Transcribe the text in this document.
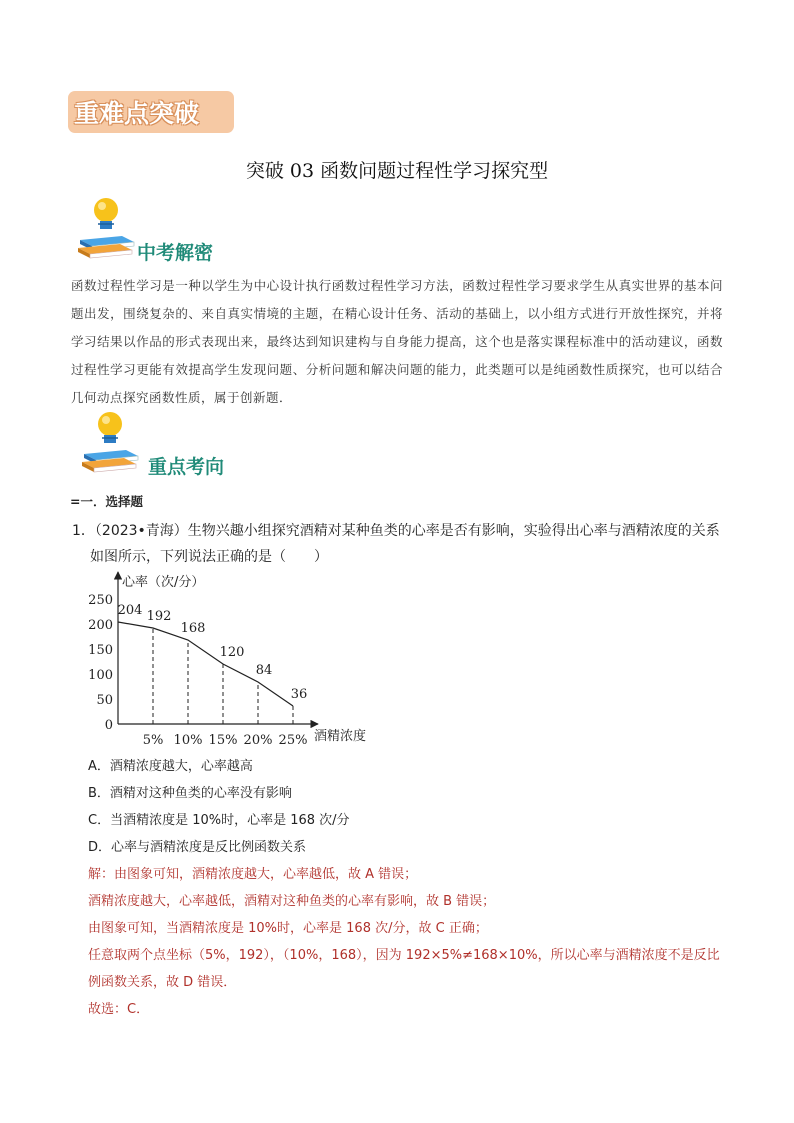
重难点突破
突破 03 函数问题过程性学习探究型
中考解密
函数过程性学习是一种以学生为中心设计执行函数过程性学习方法，函数过程性学习要求学生从真实世界的基本问题出发，围绕复杂的、来自真实情境的主题，在精心设计任务、活动的基础上，以小组方式进行开放性探究，并将学习结果以作品的形式表现出来，最终达到知识建构与自身能力提高，这个也是落实课程标准中的活动建议，函数过程性学习更能有效提高学生发现问题、分析问题和解决问题的能力，此类题可以是纯函数性质探究，也可以结合几何动点探究函数性质，属于创新题．
重点考向
=一．选择题
1．（2023•青海）生物兴趣小组探究酒精对某种鱼类的心率是否有影响，实验得出心率与酒精浓度的关系如图所示，下列说法正确的是（　　）
心率（次/分）
酒精浓度
0
50
100
150
200
250
5% 10% 15% 20% 25%
204 192
168
120
84
36
A．酒精浓度越大，心率越高
B．酒精对这种鱼类的心率没有影响
C．当酒精浓度是 10%时，心率是 168 次/分
D．心率与酒精浓度是反比例函数关系
解：由图象可知，酒精浓度越大，心率越低，故 A 错误；
酒精浓度越大，心率越低，酒精对这种鱼类的心率有影响，故 B 错误；
由图象可知，当酒精浓度是 10%时，心率是 168 次/分，故 C 正确；
任意取两个点坐标（5%，192），（10%，168），因为 192×5%≠168×10%，所以心率与酒精浓度不是反比例函数关系，故 D 错误．
故选：C．
